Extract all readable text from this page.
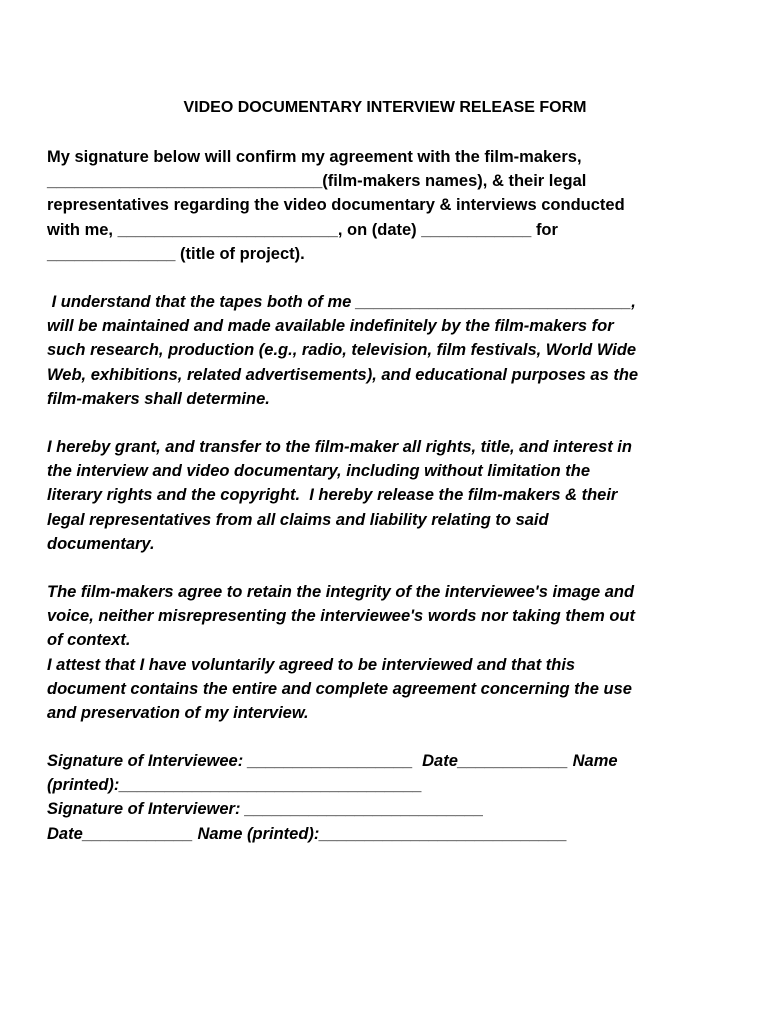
VIDEO DOCUMENTARY INTERVIEW RELEASE FORM
My signature below will confirm my agreement with the film-makers,
______________________________(film-makers names), & their legal
representatives regarding the video documentary & interviews conducted
with me, ________________________, on (date) ____________ for
______________ (title of project).
I understand that the tapes both of me ______________________________,
will be maintained and made available indefinitely by the film-makers for
such research, production (e.g., radio, television, film festivals, World Wide
Web, exhibitions, related advertisements), and educational purposes as the
film-makers shall determine.
I hereby grant, and transfer to the film-maker all rights, title, and interest in
the interview and video documentary, including without limitation the
literary rights and the copyright.  I hereby release the film-makers & their
legal representatives from all claims and liability relating to said
documentary.
The film-makers agree to retain the integrity of the interviewee's image and
voice, neither misrepresenting the interviewee's words nor taking them out
of context.
I attest that I have voluntarily agreed to be interviewed and that this
document contains the entire and complete agreement concerning the use
and preservation of my interview.
Signature of Interviewee: __________________  Date____________ Name
(printed):_________________________________
Signature of Interviewer: __________________________
Date____________ Name (printed):___________________________
